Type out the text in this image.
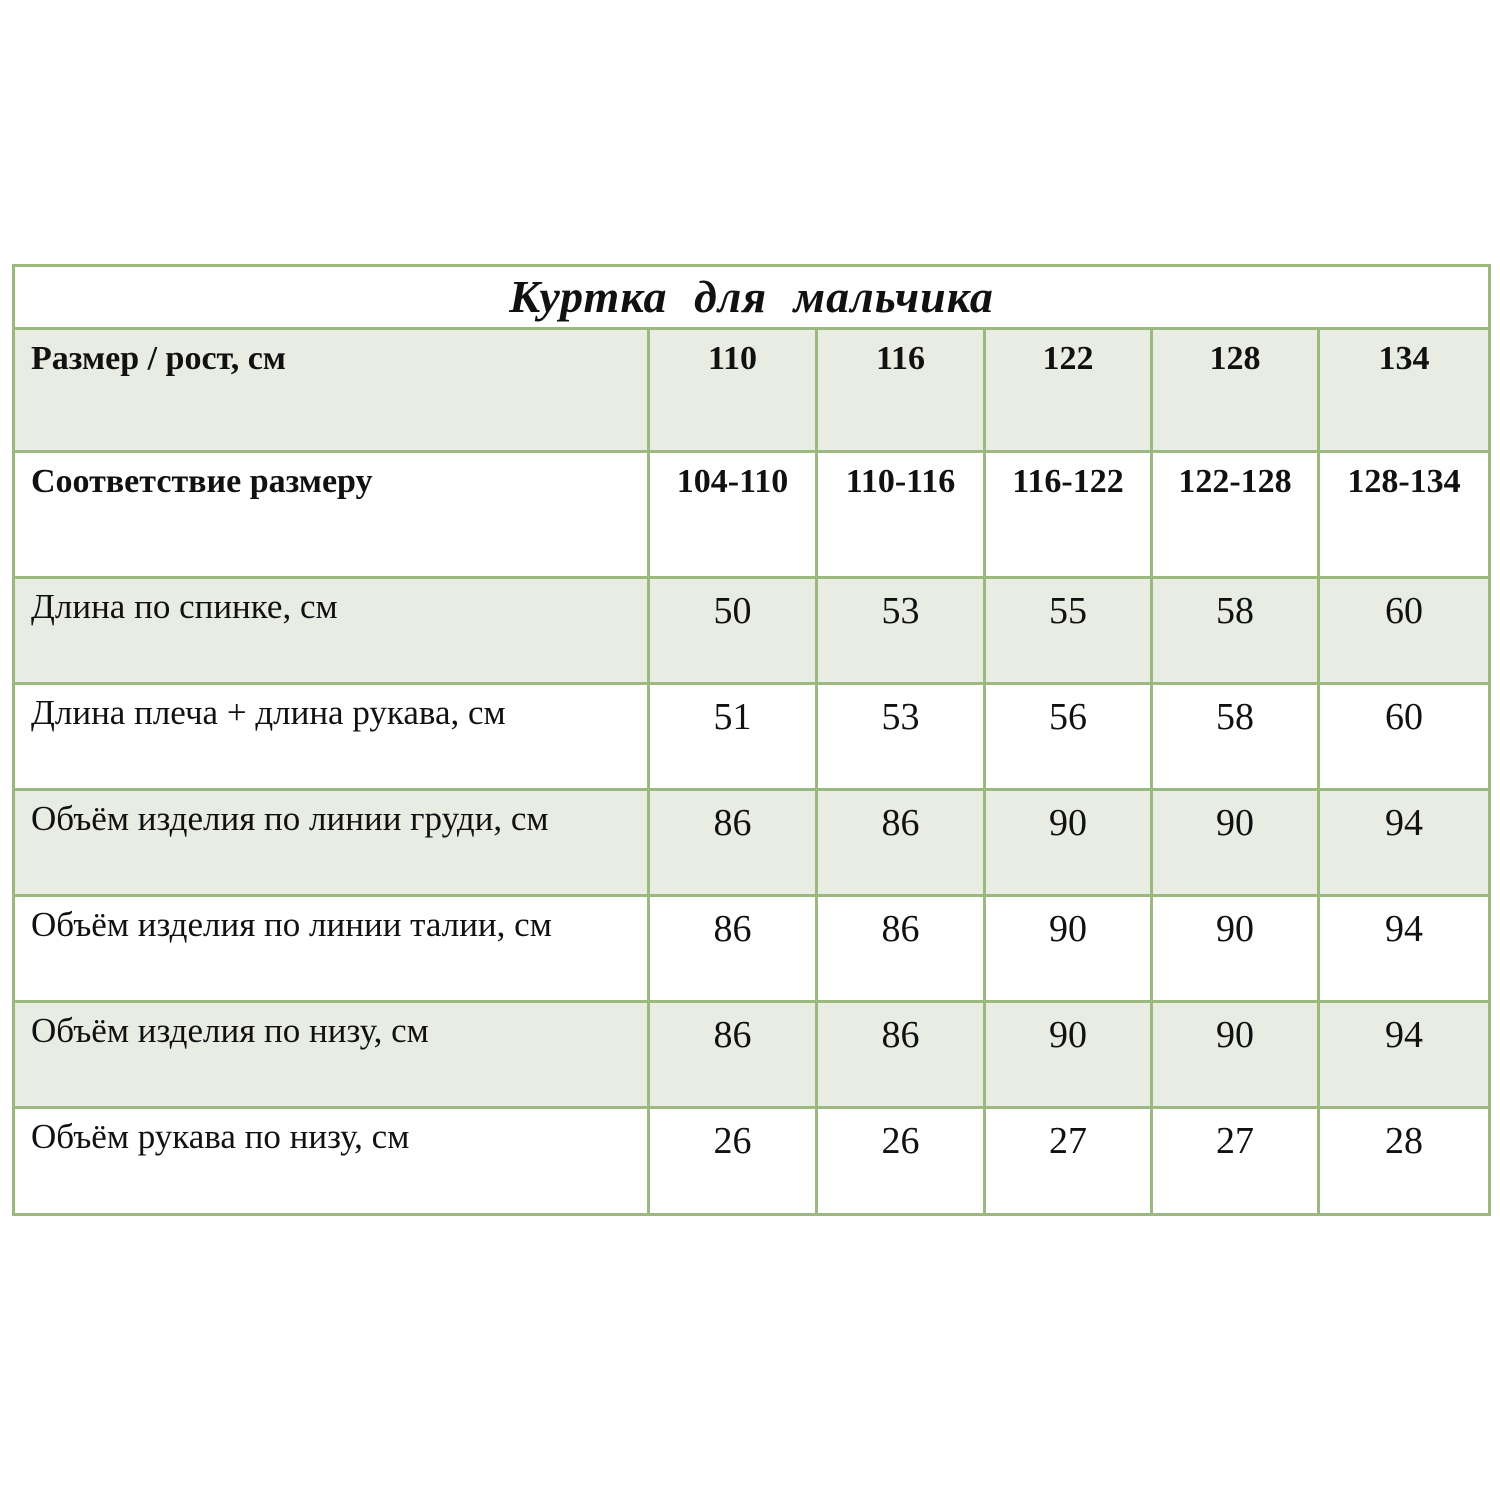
Куртка для мальчика					
Размер / рост, см	110	116	122	128	134
Соответствие размеру	104-110	110-116	116-122	122-128	128-134
Длина по спинке, см	50	53	55	58	60
Длина плеча + длина рукава, см	51	53	56	58	60
Объём изделия по линии груди, см	86	86	90	90	94
Объём изделия по линии талии, см	86	86	90	90	94
Объём изделия по низу, см	86	86	90	90	94
Объём рукава по низу, см	26	26	27	27	28
